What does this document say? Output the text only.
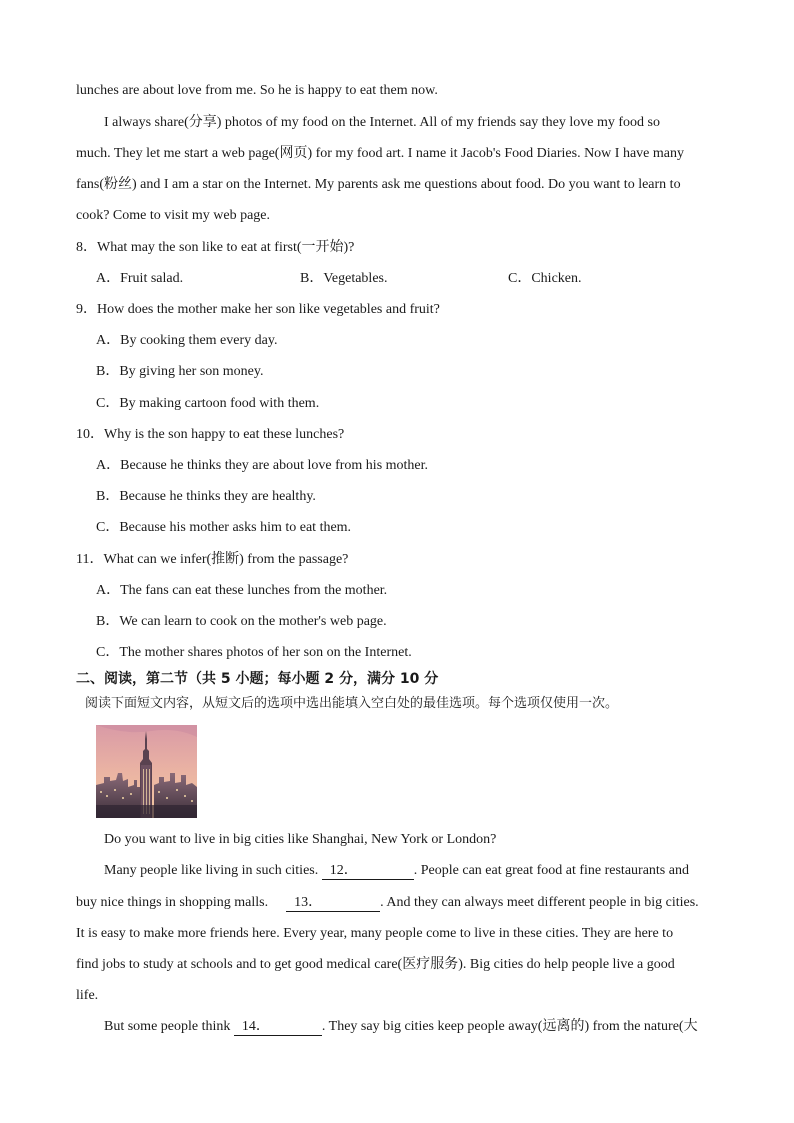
lunches are about love from me. So he is happy to eat them now.
I always share(分享) photos of my food on the Internet. All of my friends say they love my food so
much. They let me start a web page(网页) for my food art. I name it Jacob's Food Diaries. Now I have many
fans(粉丝) and I am a star on the Internet. My parents ask me questions about food. Do you want to learn to
cook? Come to visit my web page.
8．What may the son like to eat at first(一开始)?
A．Fruit salad.	B．Vegetables.	C．Chicken.
9．How does the mother make her son like vegetables and fruit?
A．By cooking them every day.
B．By giving her son money.
C．By making cartoon food with them.
10．Why is the son happy to eat these lunches?
A．Because he thinks they are about love from his mother.
B．Because he thinks they are healthy.
C．Because his mother asks him to eat them.
11．What can we infer(推断) from the passage?
A．The fans can eat these lunches from the mother.
B．We can learn to cook on the mother's web page.
C．The mother shares photos of her son on the Internet.
二、阅读，第二节（共 5 小题；每小题 2 分，满分 10 分
阅读下面短文内容，从短文后的选项中选出能填入空白处的最佳选项。每个选项仅使用一次。
Do you want to live in big cities like Shanghai, New York or London?
Many people like living in such cities. 12．	. People can eat great food at fine restaurants and
buy nice things in shopping malls. 13．	. And they can always meet different people in big cities.
It is easy to make more friends here. Every year, many people come to live in these cities. They are here to
find jobs to study at schools and to get good medical care(医疗服务). Big cities do help people live a good
life.
But some people think 14．	. They say big cities keep people away(远离的) from the nature(大
